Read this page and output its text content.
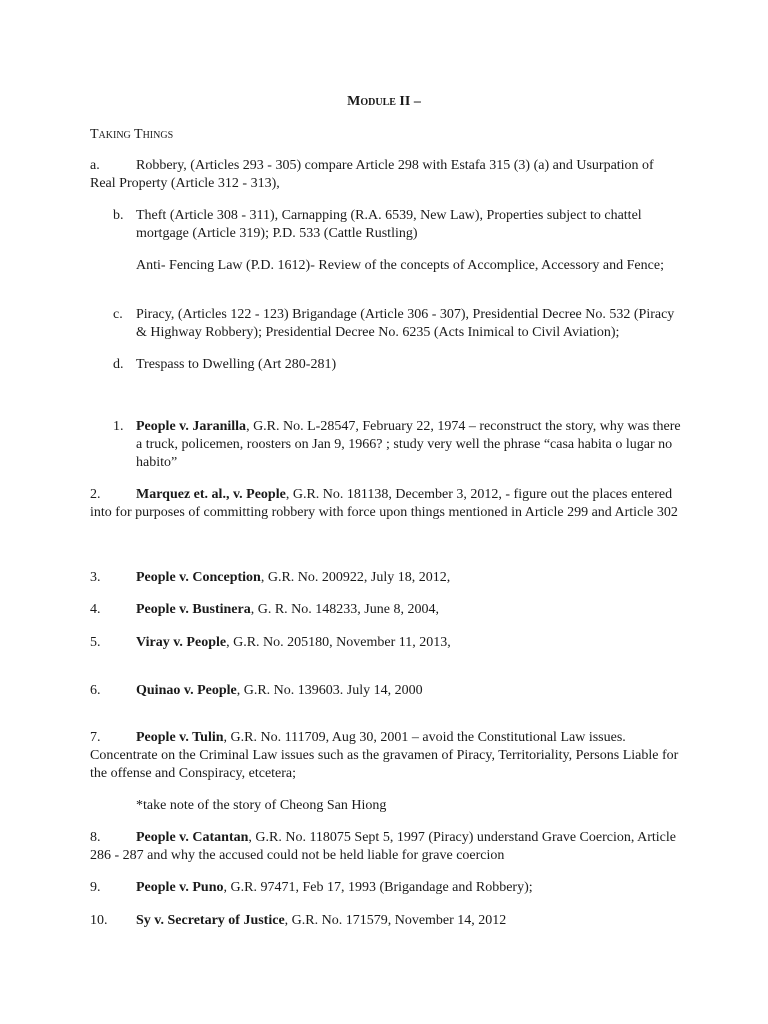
Module II –

Taking Things

a.	Robbery, (Articles 293 - 305) compare Article 298 with Estafa 315 (3) (a) and Usurpation of Real Property (Article 312 - 313),

b. Theft (Article 308 - 311), Carnapping (R.A. 6539, New Law), Properties subject to chattel mortgage (Article 319); P.D. 533 (Cattle Rustling)

Anti- Fencing Law (P.D. 1612)- Review of the concepts of Accomplice, Accessory and Fence;

c. Piracy, (Articles 122 - 123) Brigandage (Article 306 - 307), Presidential Decree No. 532 (Piracy & Highway Robbery); Presidential Decree No. 6235 (Acts Inimical to Civil Aviation);

d. Trespass to Dwelling (Art 280-281)

1. People v. Jaranilla, G.R. No. L-28547, February 22, 1974 – reconstruct the story, why was there a truck, policemen, roosters on Jan 9, 1966? ; study very well the phrase “casa habita o lugar no habito”

2.	Marquez et. al., v. People, G.R. No. 181138, December 3, 2012, - figure out the places entered into for purposes of committing robbery with force upon things mentioned in Article 299 and Article 302

3.	People v. Conception, G.R. No. 200922, July 18, 2012,

4.	People v. Bustinera, G. R. No. 148233, June 8, 2004,

5.	Viray v. People, G.R. No. 205180, November 11, 2013,

6.	Quinao v. People, G.R. No. 139603. July 14, 2000

7.	People v. Tulin, G.R. No. 111709, Aug 30, 2001 – avoid the Constitutional Law issues. Concentrate on the Criminal Law issues such as the gravamen of Piracy, Territoriality, Persons Liable for the offense and Conspiracy, etcetera;

*take note of the story of Cheong San Hiong

8.	People v. Catantan, G.R. No. 118075 Sept 5, 1997 (Piracy) understand Grave Coercion, Article 286 - 287 and why the accused could not be held liable for grave coercion

9.	People v. Puno, G.R. 97471, Feb 17, 1993 (Brigandage and Robbery);

10. Sy v. Secretary of Justice, G.R. No. 171579, November 14, 2012
